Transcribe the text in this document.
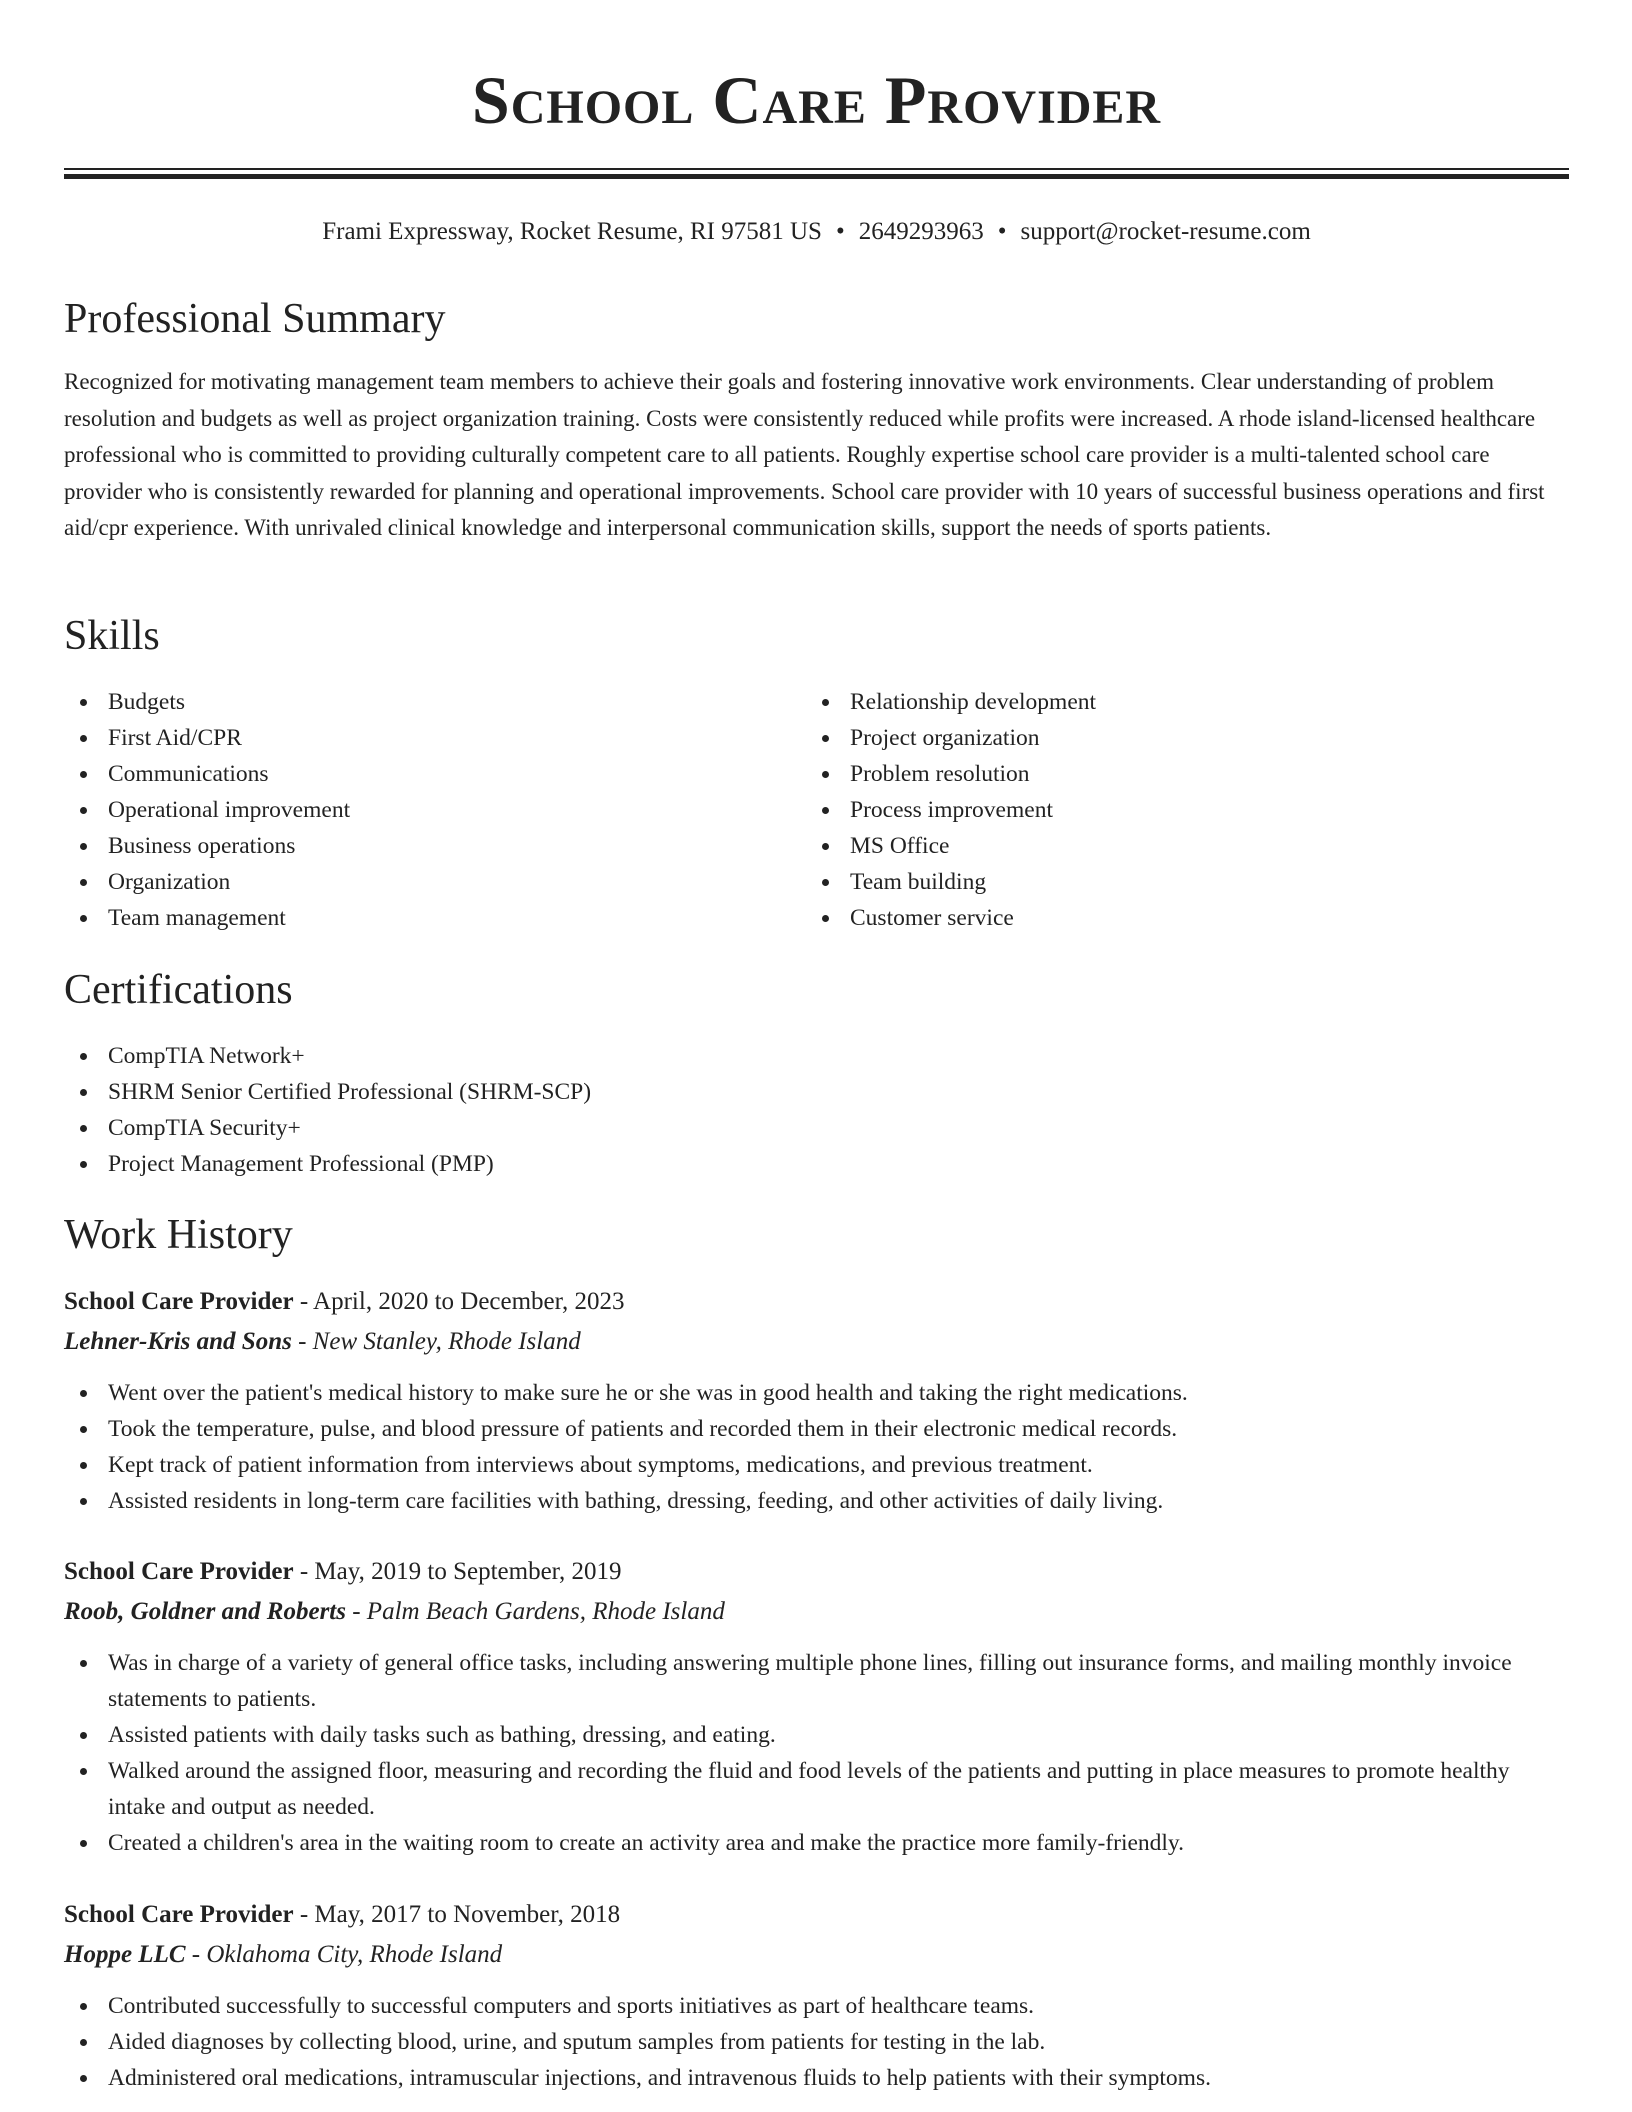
School Care Provider
Frami Expressway, Rocket Resume, RI 97581 US • 2649293963 • support@rocket-resume.com
Professional Summary

Recognized for motivating management team members to achieve their goals and fostering innovative work environments. Clear understanding of problem resolution and budgets as well as project organization training. Costs were consistently reduced while profits were increased. A rhode island-licensed healthcare professional who is committed to providing culturally competent care to all patients. Roughly expertise school care provider is a multi-talented school care provider who is consistently rewarded for planning and operational improvements. School care provider with 10 years of successful business operations and first aid/cpr experience. With unrivaled clinical knowledge and interpersonal communication skills, support the needs of sports patients.

Skills
Budgets
First Aid/CPR
Communications
Operational improvement
Business operations
Organization
Team management
Relationship development
Project organization
Problem resolution
Process improvement
MS Office
Team building
Customer service
Certifications
CompTIA Network+
SHRM Senior Certified Professional (SHRM-SCP)
CompTIA Security+
Project Management Professional (PMP)
Work History
School Care Provider - April, 2020 to December, 2023
Lehner-Kris and Sons - New Stanley, Rhode Island
Went over the patient's medical history to make sure he or she was in good health and taking the right medications.
Took the temperature, pulse, and blood pressure of patients and recorded them in their electronic medical records.
Kept track of patient information from interviews about symptoms, medications, and previous treatment.
Assisted residents in long-term care facilities with bathing, dressing, feeding, and other activities of daily living.
School Care Provider - May, 2019 to September, 2019
Roob, Goldner and Roberts - Palm Beach Gardens, Rhode Island
Was in charge of a variety of general office tasks, including answering multiple phone lines, filling out insurance forms, and mailing monthly invoice statements to patients.
Assisted patients with daily tasks such as bathing, dressing, and eating.
Walked around the assigned floor, measuring and recording the fluid and food levels of the patients and putting in place measures to promote healthy intake and output as needed.
Created a children's area in the waiting room to create an activity area and make the practice more family-friendly.
School Care Provider - May, 2017 to November, 2018
Hoppe LLC - Oklahoma City, Rhode Island
Contributed successfully to successful computers and sports initiatives as part of healthcare teams.
Aided diagnoses by collecting blood, urine, and sputum samples from patients for testing in the lab.
Administered oral medications, intramuscular injections, and intravenous fluids to help patients with their symptoms.
